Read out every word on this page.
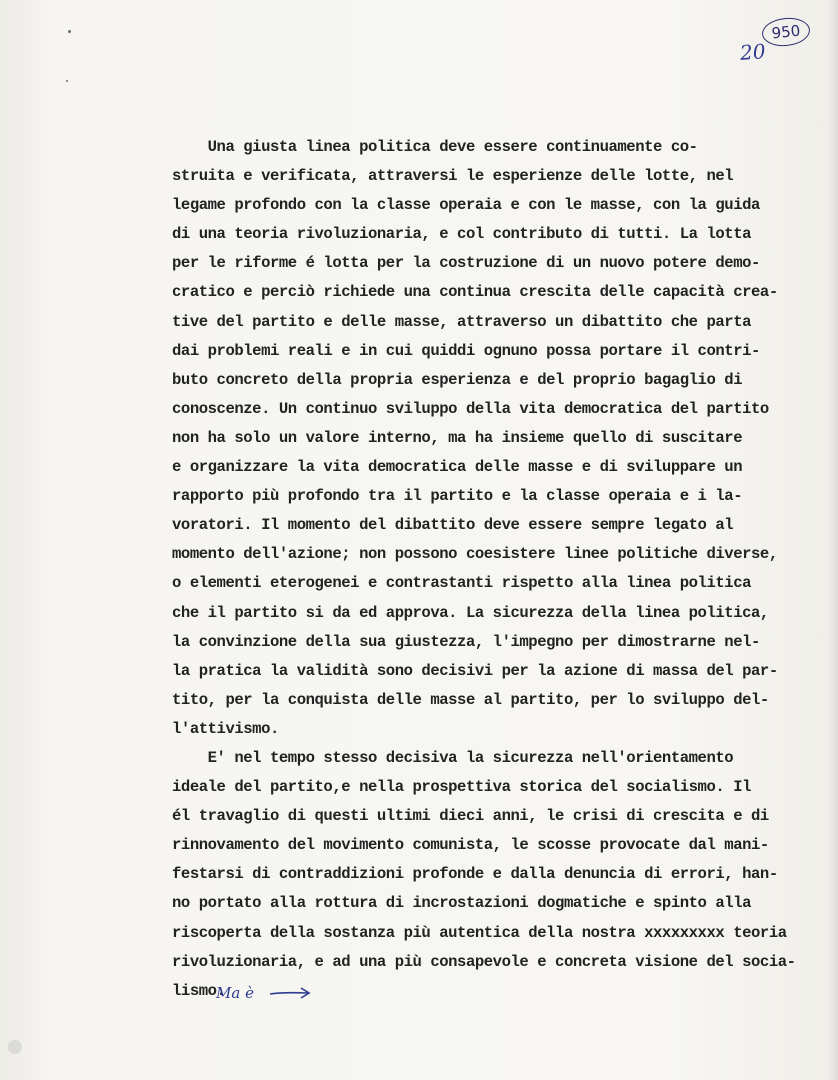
950
20
Una giusta linea politica deve essere continuamente co-
struita e verificata, attraversi le esperienze delle lotte, nel
legame profondo con la classe operaia e con le masse, con la guida
di una teoria rivoluzionaria, e col contributo di tutti. La lotta
per le riforme é lotta per la costruzione di un nuovo potere demo-
cratico e perciò richiede una continua crescita delle capacità crea-
tive del partito e delle masse, attraverso un dibattito che parta
dai problemi reali e in cui quiddi ognuno possa portare il contri-
buto concreto della propria esperienza e del proprio bagaglio di
conoscenze. Un continuo sviluppo della vita democratica del partito
non ha solo un valore interno, ma ha insieme quello di suscitare
e organizzare la vita democratica delle masse e di sviluppare un
rapporto più profondo tra il partito e la classe operaia e i la-
voratori. Il momento del dibattito deve essere sempre legato al
momento dell'azione; non possono coesistere linee politiche diverse,
o elementi eterogenei e contrastanti rispetto alla linea politica
che il partito si da ed approva. La sicurezza della linea politica,
la convinzione della sua giustezza, l'impegno per dimostrarne nel-
la pratica la validità sono decisivi per la azione di massa del par-
tito, per la conquista delle masse al partito, per lo sviluppo del-
l'attivismo.
E' nel tempo stesso decisiva la sicurezza nell'orientamento
ideale del partito,e nella prospettiva storica del socialismo. Il
él travaglio di questi ultimi dieci anni, le crisi di crescita e di
rinnovamento del movimento comunista, le scosse provocate dal mani-
festarsi di contraddizioni profonde e dalla denuncia di errori, han-
no portato alla rottura di incrostazioni dogmatiche e spinto alla
riscoperta della sostanza più autentica della nostra xxxxxxxxx teoria
rivoluzionaria, e ad una più consapevole e concreta visione del socia-
lismo.
Ma è
